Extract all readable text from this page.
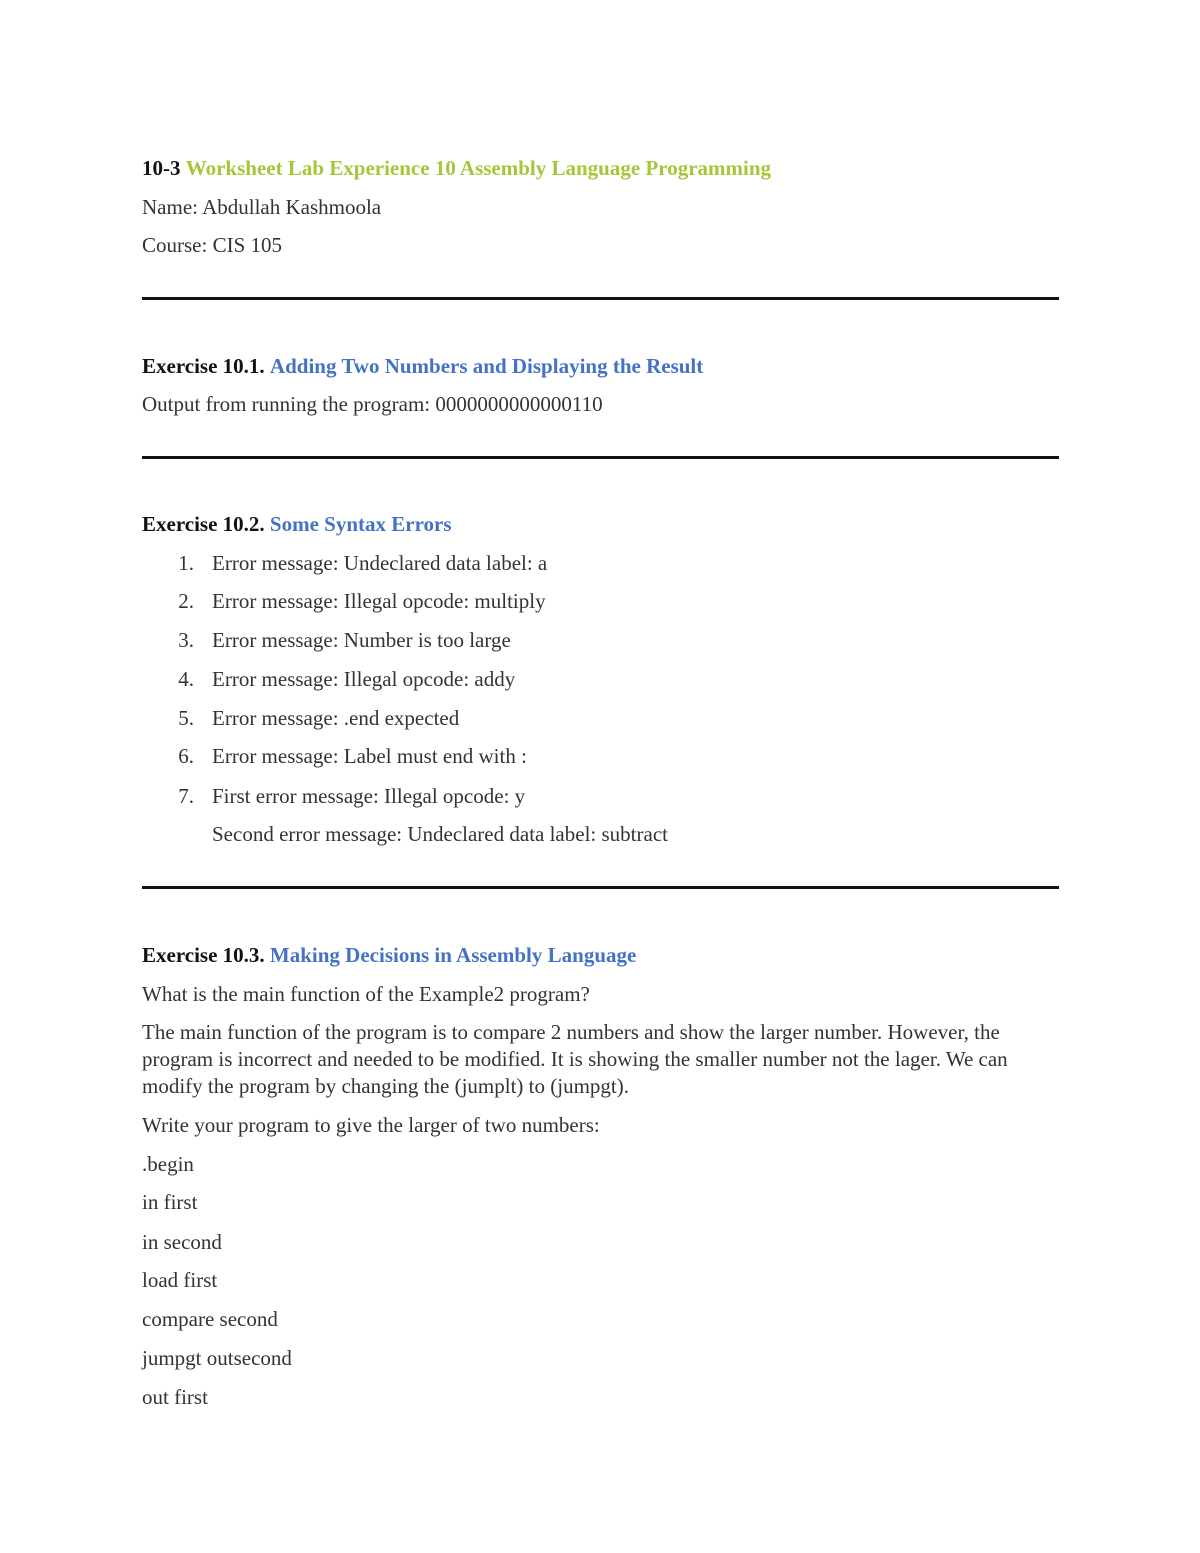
10-3 Worksheet Lab Experience 10 Assembly Language Programming
Name: Abdullah Kashmoola
Course: CIS 105
Exercise 10.1. Adding Two Numbers and Displaying the Result
Output from running the program: 0000000000000110
Exercise 10.2. Some Syntax Errors
1. Error message: Undeclared data label: a
2. Error message: Illegal opcode: multiply
3. Error message: Number is too large
4. Error message: Illegal opcode: addy
5. Error message: .end expected
6. Error message: Label must end with :
7. First error message: Illegal opcode: y
Second error message: Undeclared data label: subtract
Exercise 10.3. Making Decisions in Assembly Language
What is the main function of the Example2 program?
The main function of the program is to compare 2 numbers and show the larger number. However, the program is incorrect and needed to be modified. It is showing the smaller number not the lager. We can modify the program by changing the (jumplt) to (jumpgt).
Write your program to give the larger of two numbers:
.begin
in first
in second
load first
compare second
jumpgt outsecond
out first
